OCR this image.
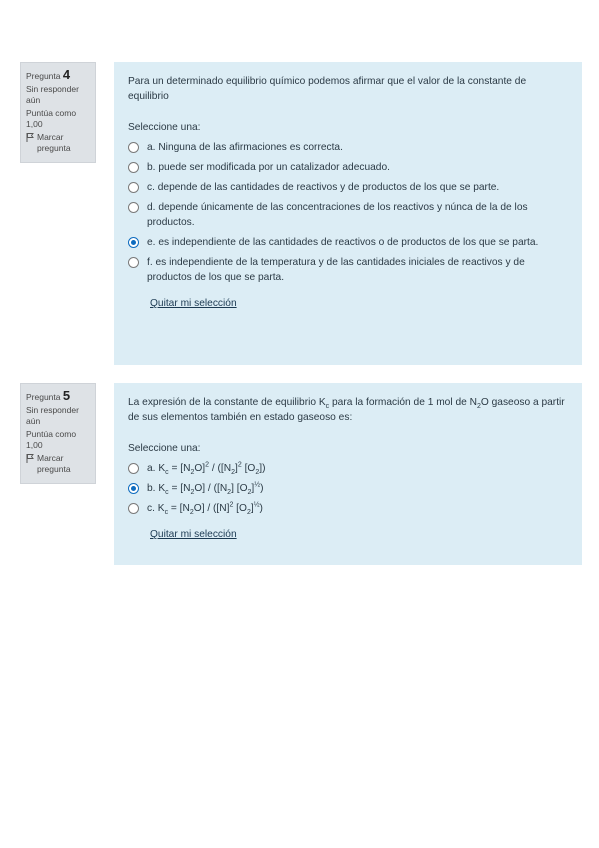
Pregunta 4
Sin responder aún
Puntúa como 1,00
Marcar pregunta
Para un determinado equilibrio químico podemos afirmar que el valor de la constante de equilibrio
Seleccione una:
a. Ninguna de las afirmaciones es correcta.
b. puede ser modificada por un catalizador adecuado.
c. depende de las cantidades de reactivos y de productos de los que se parte.
d. depende únicamente de las concentraciones de los reactivos y núnca de la de los productos.
e. es independiente de las cantidades de reactivos o de productos de los que se parta.
f. es independiente de la temperatura y de las cantidades iniciales de reactivos y de productos de los que se parta.
Quitar mi selección
Pregunta 5
Sin responder aún
Puntúa como 1,00
Marcar pregunta
La expresión de la constante de equilibrio $K_c$ para la formación de 1 mol de $N_2O$ gaseoso a partir de sus elementos también en estado gaseoso es:
Seleccione una:
a. $K_c = [N_2O]^2 / ([N_2]^2$ $[O_2]$)
b. $K_c = [N_2O] / ([N_2]$ $[O_2]^{\frac{1}{2}}$)
c. $K_c = [N_2O] / ([N]^2$ $[O_2]^{\frac{1}{2}}$)
Quitar mi selección
